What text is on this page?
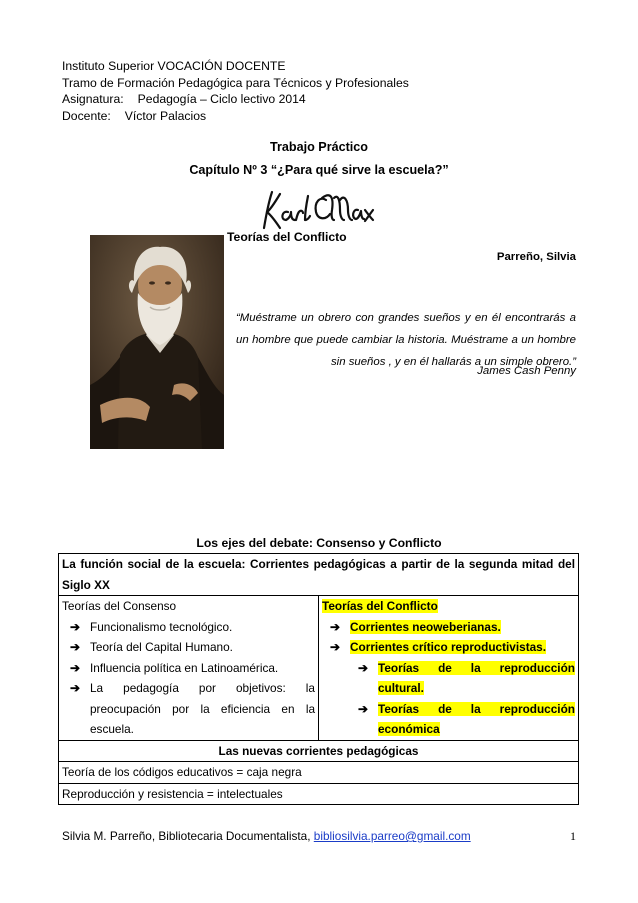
Instituto Superior VOCACIÓN DOCENTE
Tramo de Formación Pedagógica para Técnicos y Profesionales
Asignatura: Pedagogía – Ciclo lectivo 2014
Docente: Víctor Palacios
Trabajo Práctico
Capítulo Nº 3 “¿Para qué sirve la escuela?”
Teorías del Conflicto
Parreño, Silvia
“Muéstrame un obrero con grandes sueños y en él encontrarás a un hombre que puede cambiar la historia. Muéstrame a un hombre sin sueños , y en él hallarás a un simple obrero.”
James Cash Penny
Los ejes del debate: Consenso y Conflicto
La función social de la escuela: Corrientes pedagógicas a partir de la segunda mitad del Siglo XX

Teorías del Consenso
➔ Funcionalismo tecnológico.
➔ Teoría del Capital Humano.
➔ Influencia política en Latinoamérica.
➔ La pedagogía por objetivos: la preocupación por la eficiencia en la escuela.

Teorías del Conflicto
➔ Corrientes neoweberianas.
➔ Corrientes crítico reproductivistas.
➔ Teorías de la reproducción cultural.
➔ Teorías de la reproducción económica

Las nuevas corrientes pedagógicas
Teoría de los códigos educativos = caja negra
Reproducción y resistencia = intelectuales
Silvia M. Parreño, Bibliotecaria Documentalista, bibliosilvia.parreo@gmail.com	1
